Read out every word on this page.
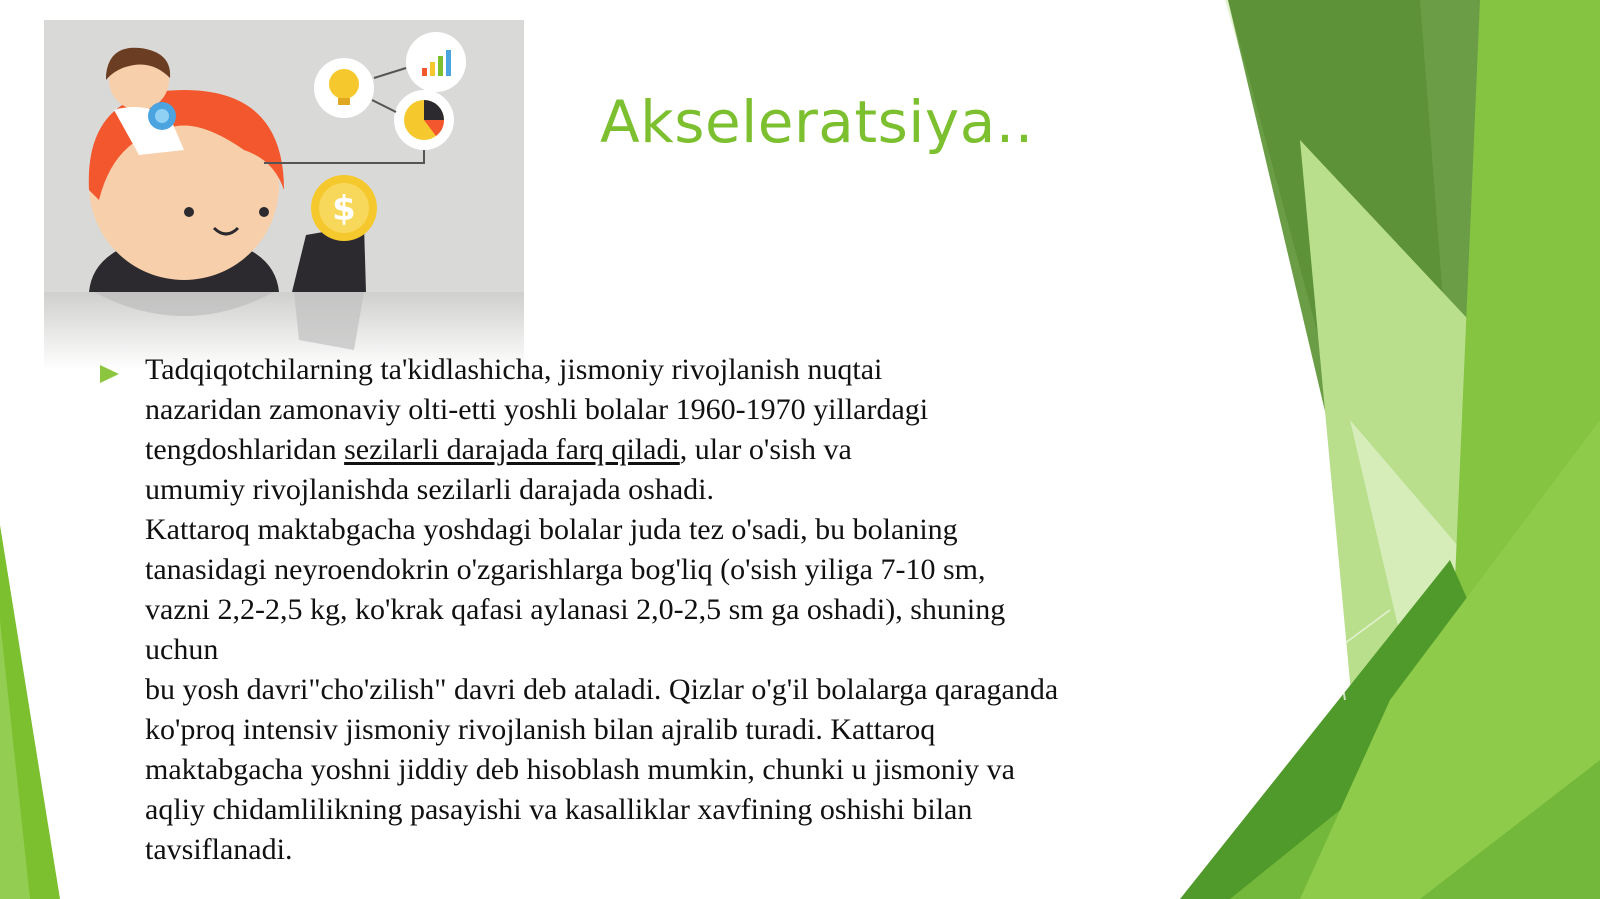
$
Akseleratsiya..
Tadqiqotchilarning ta'kidlashicha, jismoniy rivojlanish nuqtai
nazaridan zamonaviy olti-etti yoshli bolalar 1960-1970 yillardagi
tengdoshlaridan sezilarli darajada farq qiladi, ular o'sish va
umumiy rivojlanishda sezilarli darajada oshadi.
Kattaroq maktabgacha yoshdagi bolalar juda tez o'sadi, bu bolaning
tanasidagi neyroendokrin o'zgarishlarga bog'liq (o'sish yiliga 7-10 sm,
vazni 2,2-2,5 kg, ko'krak qafasi aylanasi 2,0-2,5 sm ga oshadi), shuning
uchun
bu yosh davri"cho'zilish" davri deb ataladi. Qizlar o'g'il bolalarga qaraganda
ko'proq intensiv jismoniy rivojlanish bilan ajralib turadi. Kattaroq
maktabgacha yoshni jiddiy deb hisoblash mumkin, chunki u jismoniy va
aqliy chidamlilikning pasayishi va kasalliklar xavfining oshishi bilan
tavsiflanadi.
